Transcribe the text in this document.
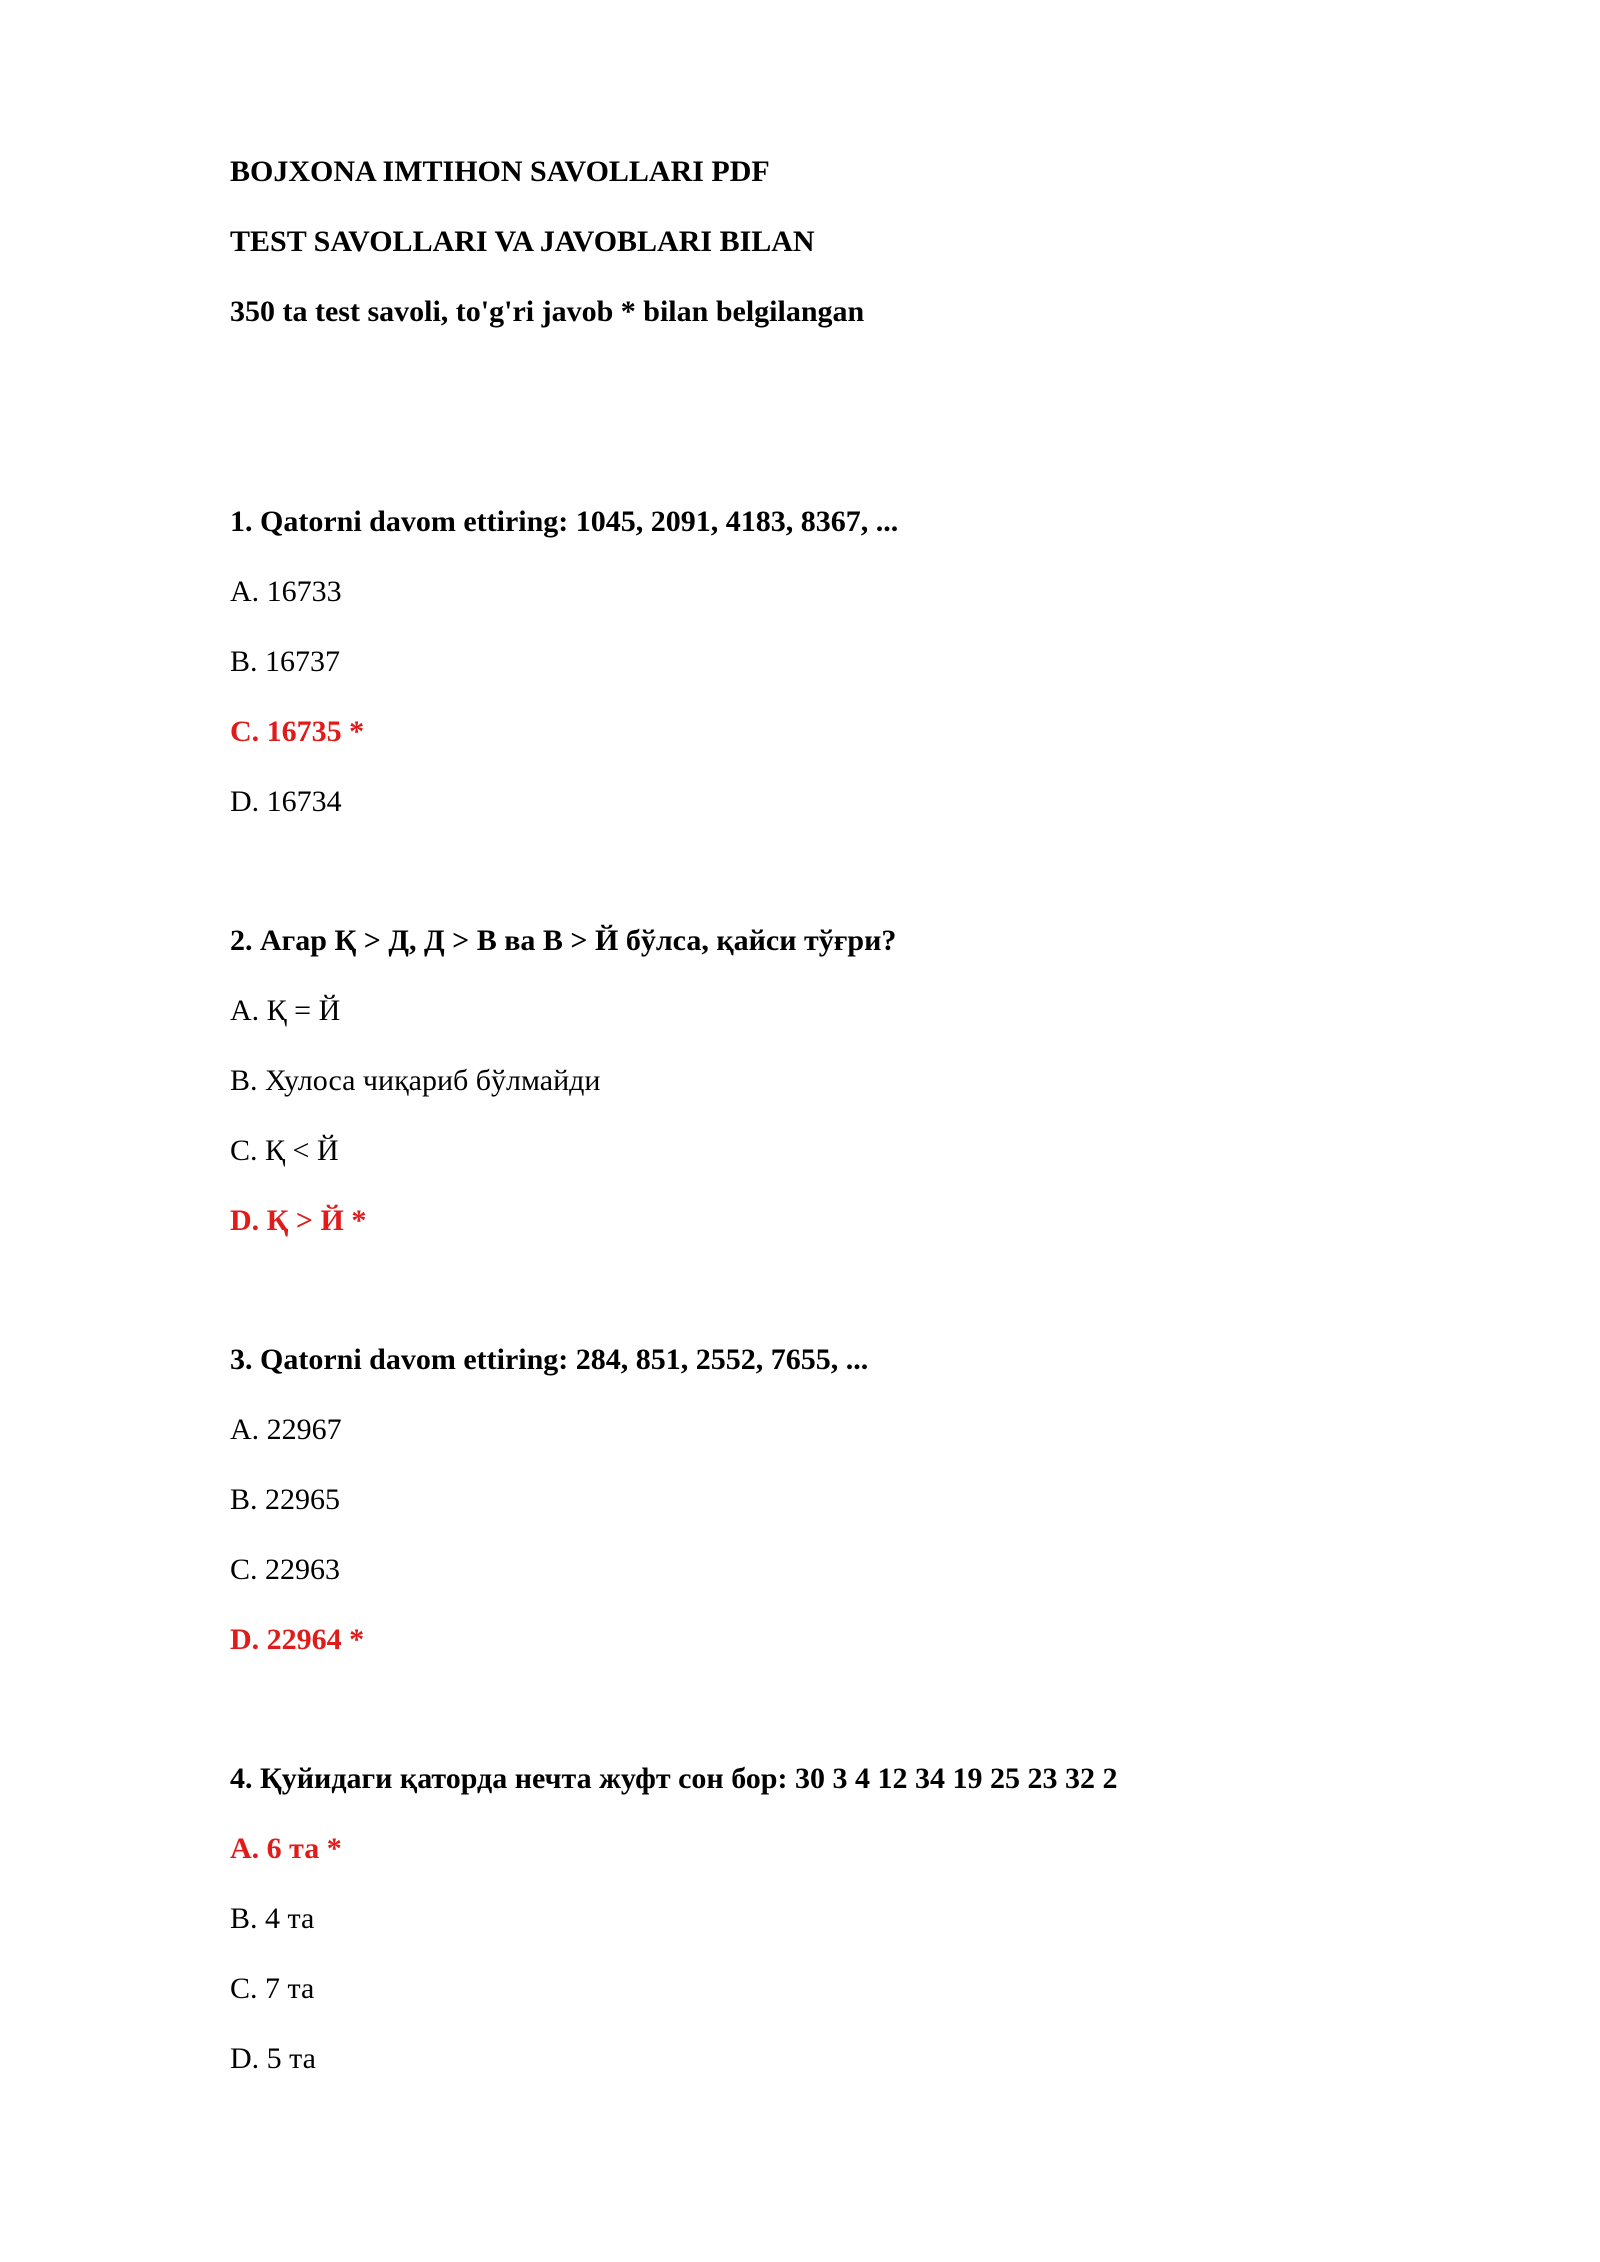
BOJXONA IMTIHON SAVOLLARI PDF
TEST SAVOLLARI VA JAVOBLARI BILAN
350 ta test savoli, to'g'ri javob * bilan belgilangan
1. Qatorni davom ettiring: 1045, 2091, 4183, 8367, ...
A. 16733
B. 16737
C. 16735 *
D. 16734
2. Агар Қ > Д, Д > В ва В > Й бўлса, қайси тўғри?
A. Қ = Й
B. Хулоса чиқариб бўлмайди
C. Қ < Й
D. Қ > Й *
3. Qatorni davom ettiring: 284, 851, 2552, 7655, ...
A. 22967
B. 22965
C. 22963
D. 22964 *
4. Қуйидаги қаторда нечта жуфт сон бор: 30 3 4 12 34 19 25 23 32 2
A. 6 та *
B. 4 та
C. 7 та
D. 5 та
